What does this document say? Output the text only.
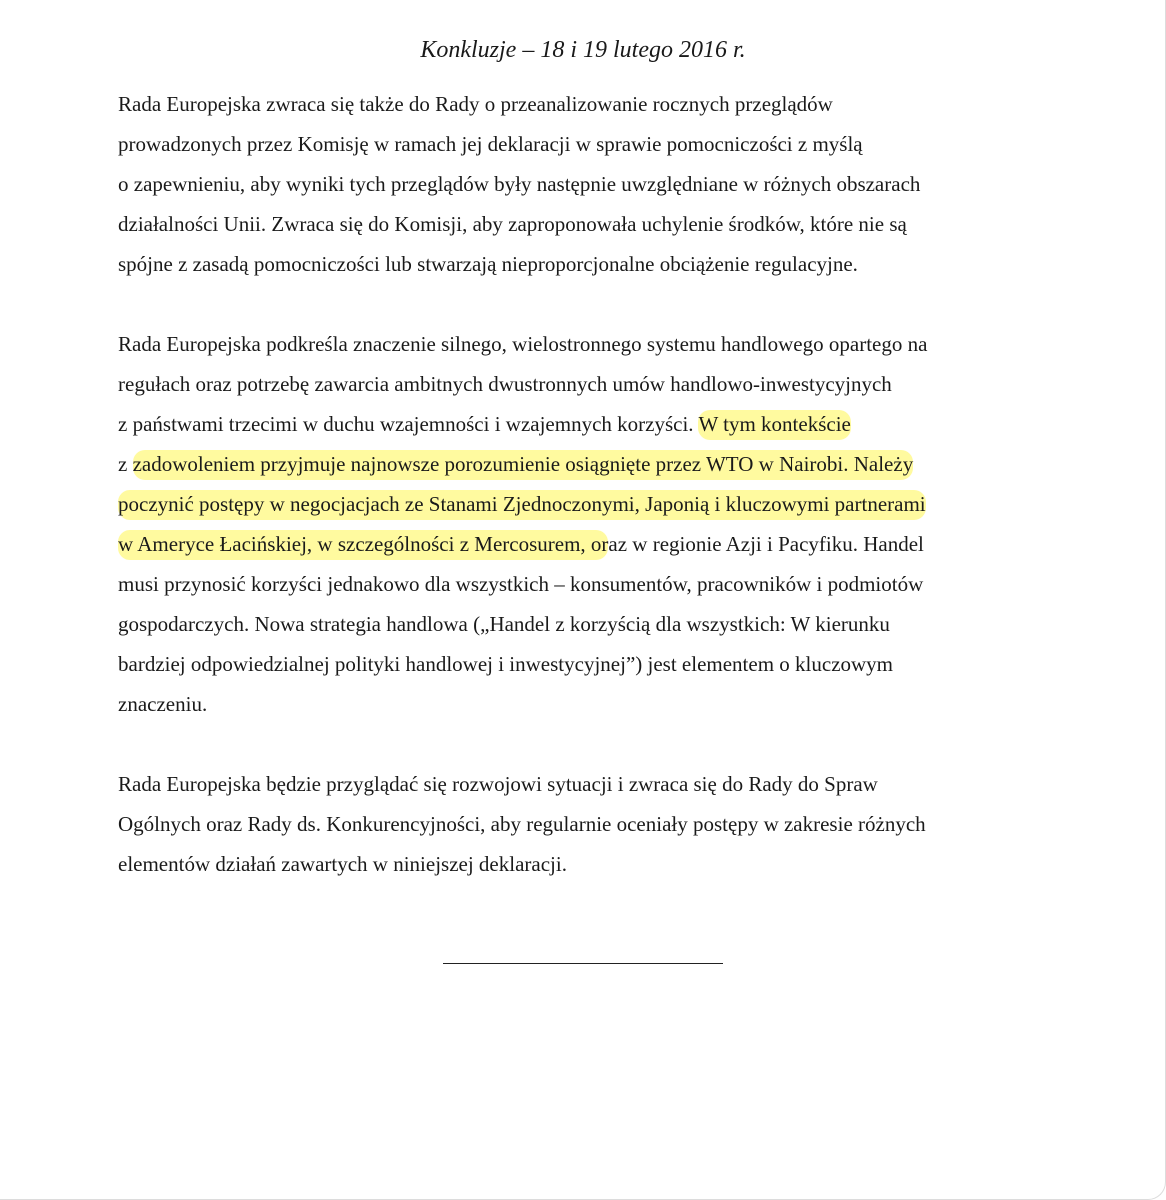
Konkluzje – 18 i 19 lutego 2016 r.
Rada Europejska zwraca się także do Rady o przeanalizowanie rocznych przeglądów
prowadzonych przez Komisję w ramach jej deklaracji w sprawie pomocniczości z myślą
o zapewnieniu, aby wyniki tych przeglądów były następnie uwzględniane w różnych obszarach
działalności Unii. Zwraca się do Komisji, aby zaproponowała uchylenie środków, które nie są
spójne z zasadą pomocniczości lub stwarzają nieproporcjonalne obciążenie regulacyjne.
Rada Europejska podkreśla znaczenie silnego, wielostronnego systemu handlowego opartego na
regułach oraz potrzebę zawarcia ambitnych dwustronnych umów handlowo-inwestycyjnych
z państwami trzecimi w duchu wzajemności i wzajemnych korzyści. W tym kontekście
z zadowoleniem przyjmuje najnowsze porozumienie osiągnięte przez WTO w Nairobi. Należy
poczynić postępy w negocjacjach ze Stanami Zjednoczonymi, Japonią i kluczowymi partnerami
w Ameryce Łacińskiej, w szczególności z Mercosurem, oraz w regionie Azji i Pacyfiku. Handel
musi przynosić korzyści jednakowo dla wszystkich – konsumentów, pracowników i podmiotów
gospodarczych. Nowa strategia handlowa („Handel z korzyścią dla wszystkich: W kierunku
bardziej odpowiedzialnej polityki handlowej i inwestycyjnej”) jest elementem o kluczowym
znaczeniu.
Rada Europejska będzie przyglądać się rozwojowi sytuacji i zwraca się do Rady do Spraw
Ogólnych oraz Rady ds. Konkurencyjności, aby regularnie oceniały postępy w zakresie różnych
elementów działań zawartych w niniejszej deklaracji.
